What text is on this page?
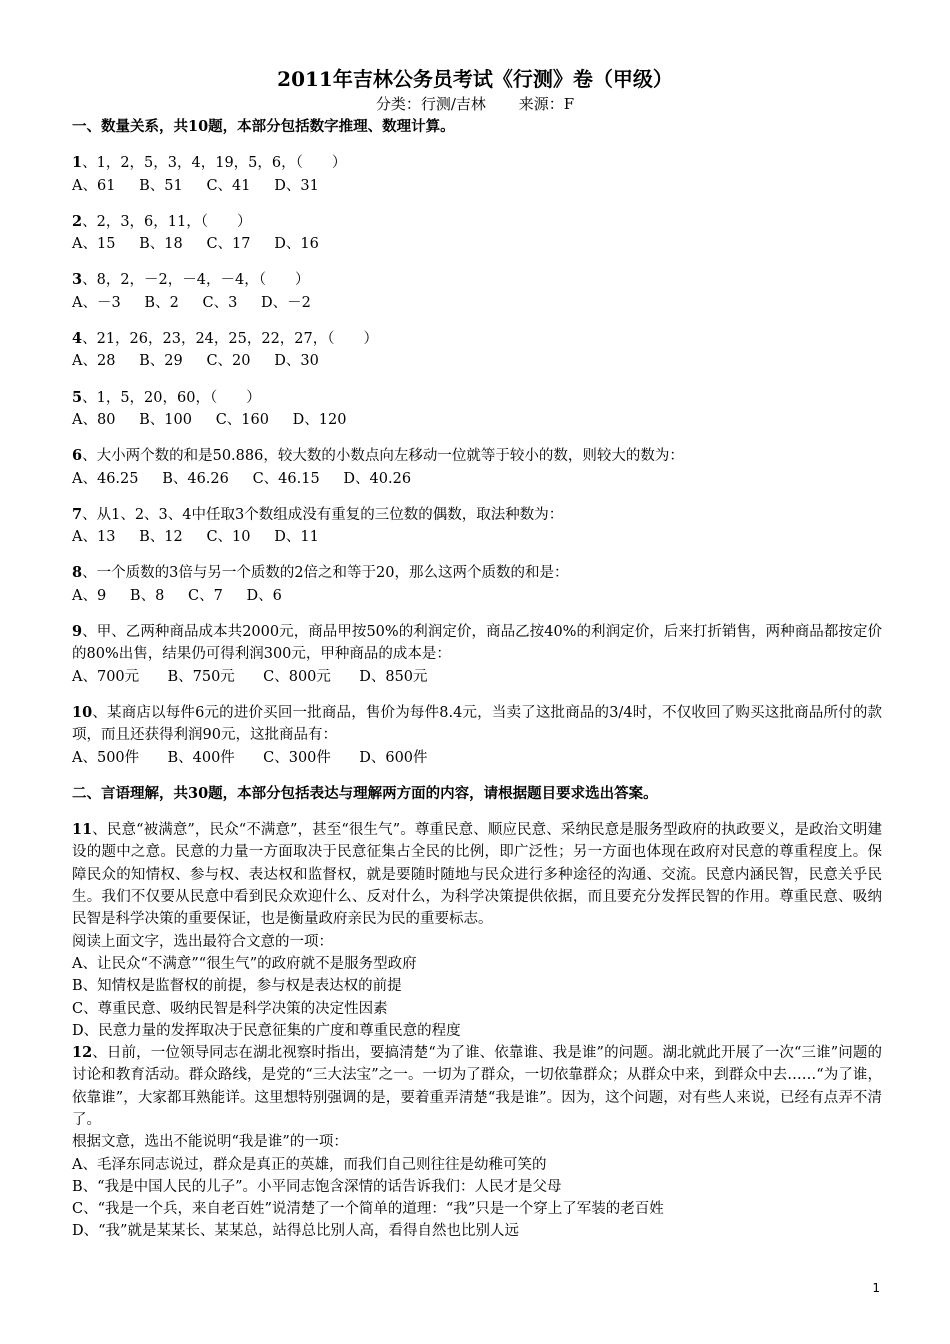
2011年吉林公务员考试《行测》卷（甲级）
分类：行测/吉林 来源：F
一、数量关系，共10题，本部分包括数字推理、数理计算。
1、1，2，5，3，4，19，5，6，（　　）
A、61　  B、51　  C、41　  D、31
2、2，3，6，11，（　　）
A、15　  B、18　  C、17　  D、16
3、8，2，－2，－4，－4，（　　）
A、－3　  B、2　  C、3　  D、－2
4、21，26，23，24，25，22，27，（　　）
A、28　  B、29　  C、20　  D、30
5、1，5，20，60，（　　）
A、80　  B、100　  C、160　  D、120
6、大小两个数的和是50.886，较大数的小数点向左移动一位就等于较小的数，则较大的数为：
A、46.25　  B、46.26　  C、46.15　  D、40.26
7、从1、2、3、4中任取3个数组成没有重复的三位数的偶数，取法种数为：
A、13　  B、12　  C、10　  D、11
8、一个质数的3倍与另一个质数的2倍之和等于20，那么这两个质数的和是：
A、9　  B、8　  C、7　  D、6
9、甲、乙两种商品成本共2000元，商品甲按50%的利润定价，商品乙按40%的利润定价，后来打折销售，两种商品都按定价的80%出售，结果仍可得利润300元，甲种商品的成本是：
A、700元　   B、750元　   C、800元　   D、850元
10、某商店以每件6元的进价买回一批商品，售价为每件8.4元，当卖了这批商品的3/4时，不仅收回了购买这批商品所付的款项，而且还获得利润90元，这批商品有：
A、500件　   B、400件　   C、300件　   D、600件
二、言语理解，共30题，本部分包括表达与理解两方面的内容，请根据题目要求选出答案。
11、民意“被满意”，民众“不满意”，甚至“很生气”。尊重民意、顺应民意、采纳民意是服务型政府的执政要义，是政治文明建设的题中之意。民意的力量一方面取决于民意征集占全民的比例，即广泛性；另一方面也体现在政府对民意的尊重程度上。保障民众的知情权、参与权、表达权和监督权，就是要随时随地与民众进行多种途径的沟通、交流。民意内涵民智，民意关乎民生。我们不仅要从民意中看到民众欢迎什么、反对什么，为科学决策提供依据，而且要充分发挥民智的作用。尊重民意、吸纳民智是科学决策的重要保证，也是衡量政府亲民为民的重要标志。
阅读上面文字，选出最符合文意的一项：
A、让民众“不满意”“很生气”的政府就不是服务型政府
B、知情权是监督权的前提，参与权是表达权的前提
C、尊重民意、吸纳民智是科学决策的决定性因素
D、民意力量的发挥取决于民意征集的广度和尊重民意的程度
12、日前，一位领导同志在湖北视察时指出，要搞清楚“为了谁、依靠谁、我是谁”的问题。湖北就此开展了一次“三谁”问题的讨论和教育活动。群众路线，是党的“三大法宝”之一。一切为了群众，一切依靠群众；从群众中来，到群众中去……“为了谁，依靠谁”，大家都耳熟能详。这里想特别强调的是，要着重弄清楚“我是谁”。因为，这个问题，对有些人来说，已经有点弄不清了。
根据文意，选出不能说明“我是谁”的一项：
A、毛泽东同志说过，群众是真正的英雄，而我们自己则往往是幼稚可笑的
B、“我是中国人民的儿子”。小平同志饱含深情的话告诉我们：人民才是父母
C、“我是一个兵，来自老百姓”说清楚了一个简单的道理：“我”只是一个穿上了军装的老百姓
D、“我”就是某某长、某某总，站得总比别人高，看得自然也比别人远
1
